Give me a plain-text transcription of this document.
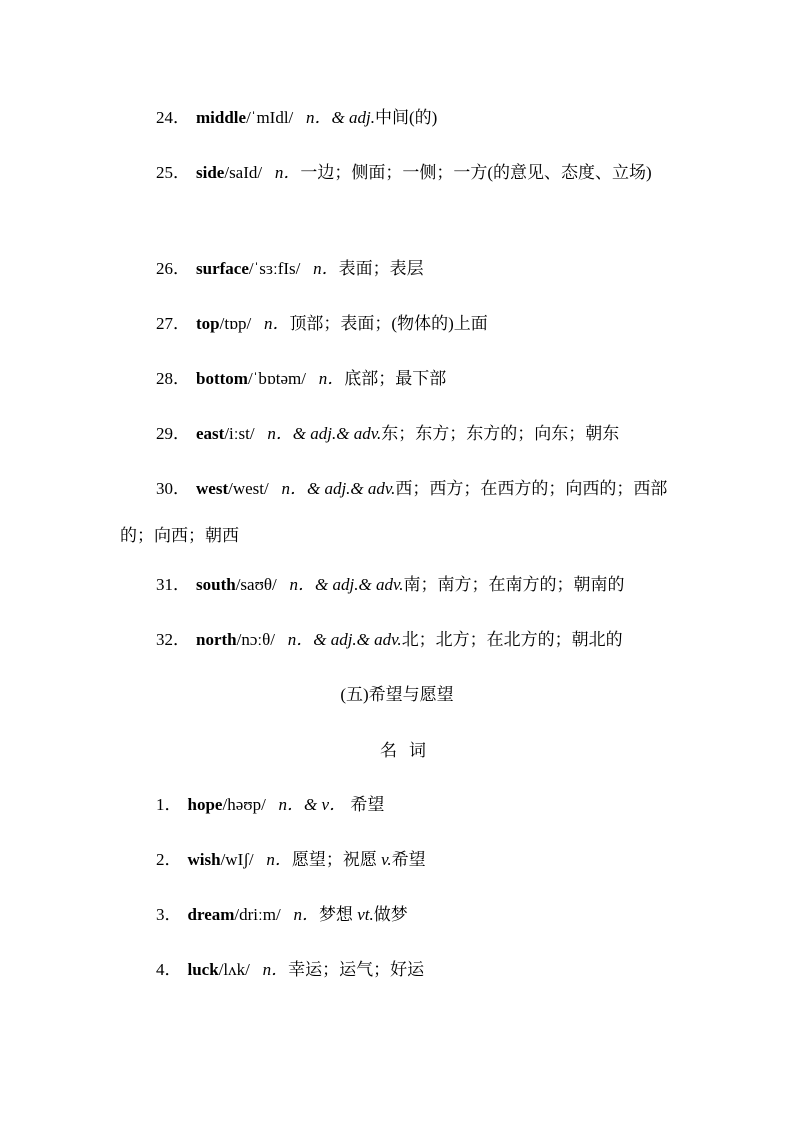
24． middle/ˈmIdl/ n．& adj.中间(的)
25． side/saId/ n．一边；侧面；一侧；一方(的意见、态度、立场)
26． surface/ˈsɜːfIs/ n．表面；表层
27． top/tɒp/ n．顶部；表面；(物体的)上面
28． bottom/ˈbɒtəm/ n．底部；最下部
29． east/iːst/ n．& adj.& adv.东；东方；东方的；向东；朝东
30． west/west/ n．& adj.& adv.西；西方；在西方的；向西的；西部的；向西；朝西
31． south/saʊθ/ n．& adj.& adv.南；南方；在南方的；朝南的
32． north/nɔːθ/ n．& adj.& adv.北；北方；在北方的；朝北的
(五)希望与愿望
名词
1． hope/həʊp/ n．& v． 希望
2． wish/wIʃ/ n．愿望；祝愿 v.希望
3． dream/driːm/ n．梦想 vt.做梦
4． luck/lʌk/ n．幸运；运气；好运
